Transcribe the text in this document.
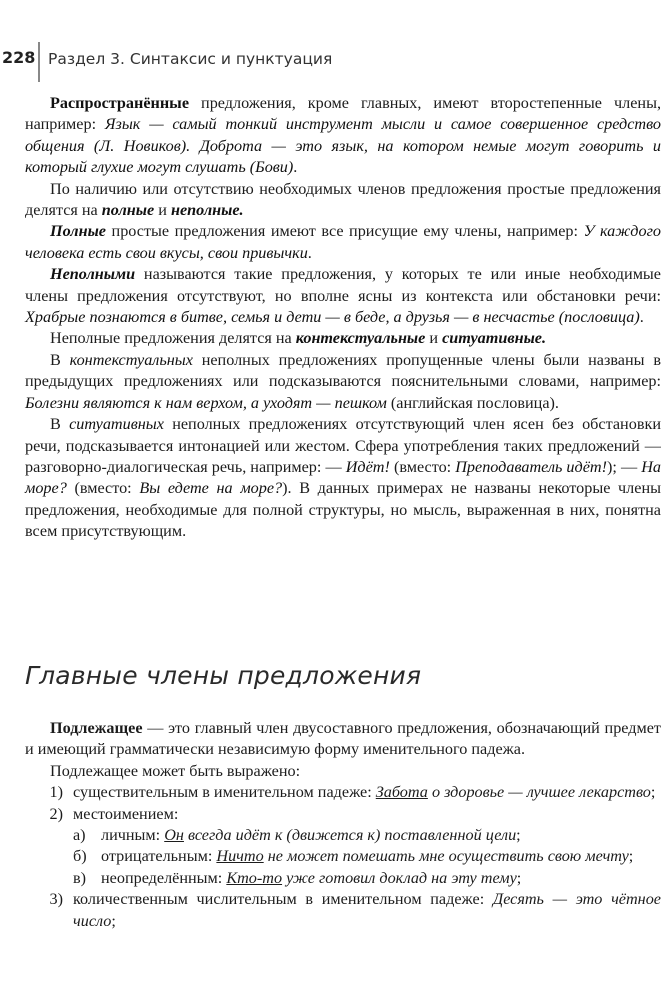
228 Раздел 3. Синтаксис и пунктуация

Распространённые предложения, кроме главных, имеют второстепенные члены, например: Язык — самый тонкий инструмент мысли и самое совершенное средство общения (Л. Новиков). Доброта — это язык, на котором немые могут говорить и который глухие могут слушать (Бови).

По наличию или отсутствию необходимых членов предложения простые предложения делятся на полные и неполные.

Полные простые предложения имеют все присущие ему члены, например: У каждого человека есть свои вкусы, свои привычки.

Неполными называются такие предложения, у которых те или иные необходимые члены предложения отсутствуют, но вполне ясны из контекста или обстановки речи: Храбрые познаются в битве, семья и дети — в беде, а друзья — в несчастье (пословица).

Неполные предложения делятся на контекстуальные и ситуативные.

В контекстуальных неполных предложениях пропущенные члены были названы в предыдущих предложениях или подсказываются пояснительными словами, например: Болезни являются к нам верхом, а уходят — пешком (английская пословица).

В ситуативных неполных предложениях отсутствующий член ясен без обстановки речи, подсказывается интонацией или жестом. Сфера употребления таких предложений — разговорно-диалогическая речь, например: — Идёт! (вместо: Преподаватель идёт!); — На море? (вместо: Вы едете на море?). В данных примерах не названы некоторые члены предложения, необходимые для полной структуры, но мысль, выраженная в них, понятна всем присутствующим.

Главные члены предложения

Подлежащее — это главный член двусоставного предложения, обозначающий предмет и имеющий грамматически независимую форму именительного падежа.

Подлежащее может быть выражено:

1) существительным в именительном падеже: Забота о здоровье — лучшее лекарство;
2) местоимением:
а) личным: Он всегда идёт к (движется к) поставленной цели;
б) отрицательным: Ничто не может помешать мне осуществить свою мечту;
в) неопределённым: Кто-то уже готовил доклад на эту тему;
3) количественным числительным в именительном падеже: Десять — это чётное число;
